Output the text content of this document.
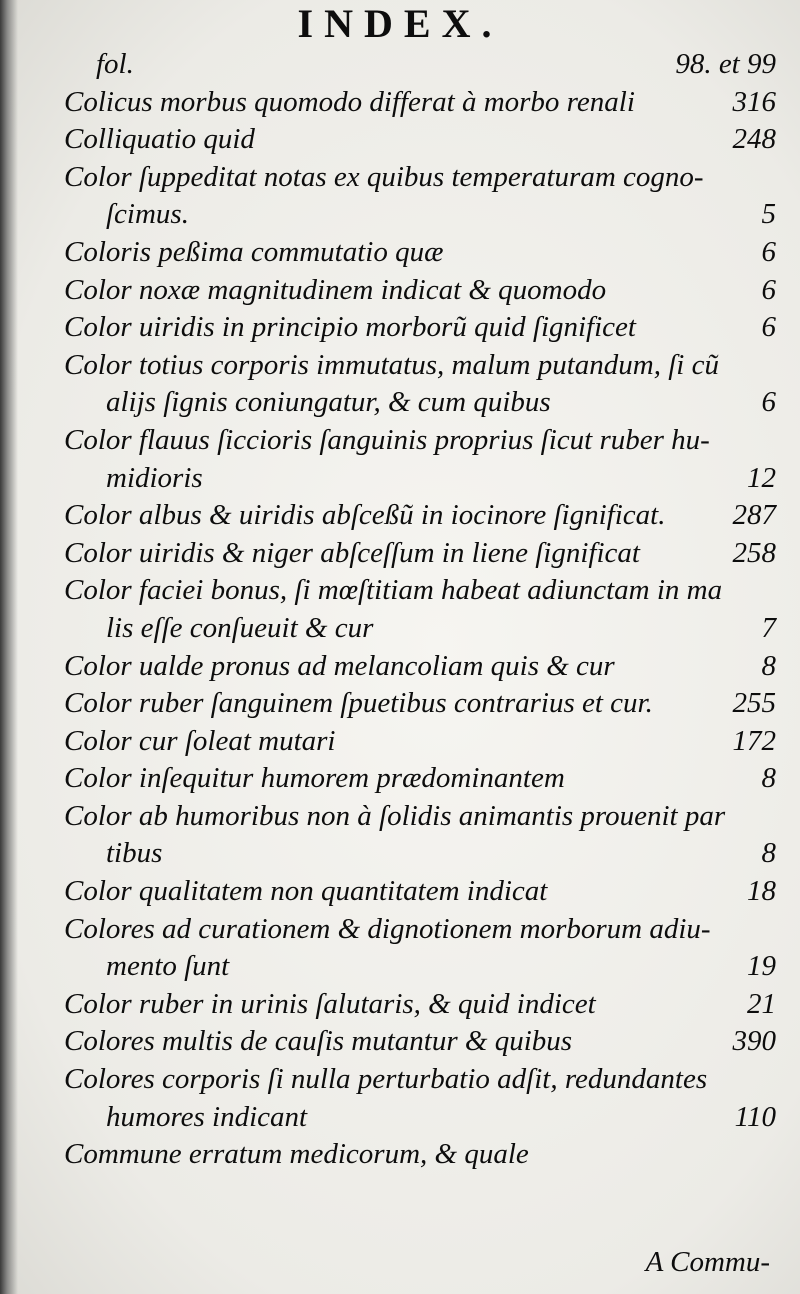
INDEX.
fol.	98. et 99
Colicus morbus quomodo differat à morbo renali	316
Colliquatio quid	248
Color ſuppeditat notas ex quibus temperaturam cogno-
ſcimus.	5
Coloris peßima commutatio quæ	6
Color noxæ magnitudinem indicat & quomodo	6
Color uiridis in principio morborũ quid ſignificet	6
Color totius corporis immutatus, malum putandum, ſi cũ
alijs ſignis coniungatur, & cum quibus	6
Color flauus ſiccioris ſanguinis proprius ſicut ruber hu-
midioris	12
Color albus & uiridis abſceßũ in iocinore ſignificat. 287
Color uiridis & niger abſceſſum in liene ſignificat	258
Color faciei bonus, ſi mœſtitiam habeat adiunctam in ma
lis eſſe conſueuit & cur	7
Color ualde pronus ad melancoliam quis & cur	8
Color ruber ſanguinem ſpuetibus contrarius et cur.	255
Color cur ſoleat mutari	172
Color inſequitur humorem prædominantem	8
Color ab humoribus non à ſolidis animantis prouenit par
tibus	8
Color qualitatem non quantitatem indicat	18
Colores ad curationem & dignotionem morborum adiu-
mento ſunt	19
Color ruber in urinis ſalutaris, & quid indicet	21
Colores multis de cauſis mutantur & quibus	390
Colores corporis ſi nulla perturbatio adſit, redundantes
humores indicant	110
Commune erratum medicorum, & quale
A Commu-
